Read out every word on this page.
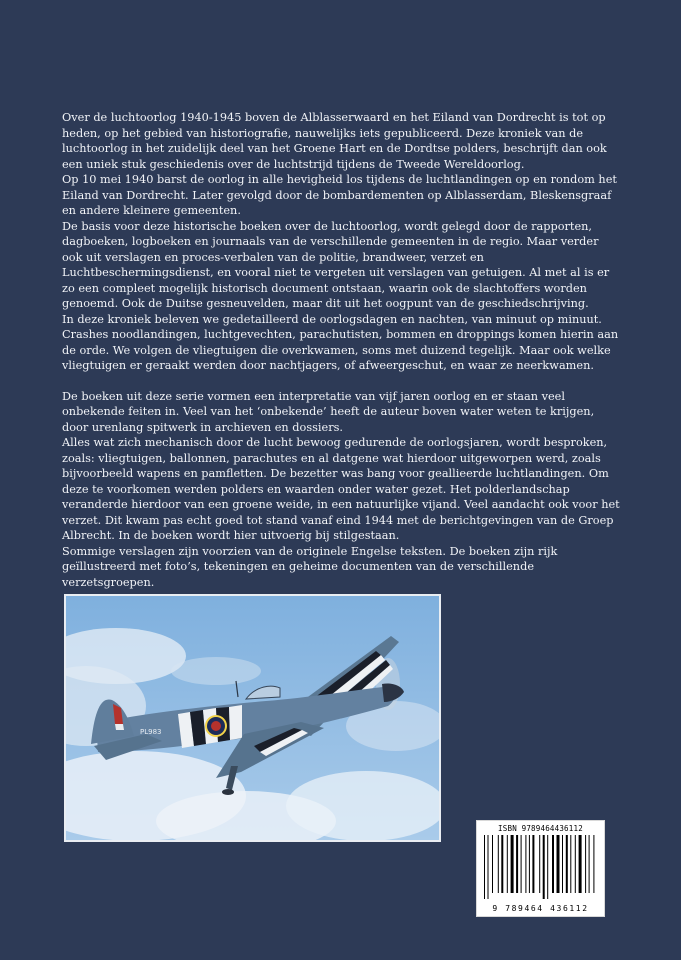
Over de luchtoorlog 1940-1945 boven de Alblasserwaard en het Eiland van Dordrecht is tot op heden, op het gebied van historiografie, nauwelijks iets gepubliceerd. Deze kroniek van de luchtoorlog in het zuidelijk deel van het Groene Hart en de Dordtse polders, beschrijft dan ook een uniek stuk geschiedenis over de luchtstrijd tijdens de Tweede Wereldoorlog.

Op 10 mei 1940 barst de oorlog in alle hevigheid los tijdens de luchtlandingen op en rondom het Eiland van Dordrecht. Later gevolgd door de bombardementen op Alblasserdam, Bleskensgraaf en andere kleinere gemeenten.

De basis voor deze historische boeken over de luchtoorlog, wordt gelegd door de rapporten, dagboeken, logboeken en journaals van de verschillende gemeenten in de regio. Maar verder ook uit verslagen en proces-verbalen van de politie, brandweer, verzet en Luchtbeschermingsdienst, en vooral niet te vergeten uit verslagen van getuigen. Al met al is er zo een compleet mogelijk historisch document ontstaan, waarin ook de slachtoffers worden genoemd. Ook de Duitse gesneuvelden, maar dit uit het oogpunt van de geschiedschrijving.

In deze kroniek beleven we gedetailleerd de oorlogsdagen en nachten, van minuut op minuut. Crashes noodlandingen, luchtgevechten, parachutisten, bommen en droppings komen hierin aan de orde. We volgen de vliegtuigen die overkwamen, soms met duizend tegelijk. Maar ook welke vliegtuigen er geraakt werden door nachtjagers, of afweergeschut, en waar ze neerkwamen.

De boeken uit deze serie vormen een interpretatie van vijf jaren oorlog en er staan veel onbekende feiten in. Veel van het ‘onbekende’ heeft de auteur boven water weten te krijgen, door urenlang spitwerk in archieven en dossiers.

Alles wat zich mechanisch door de lucht bewoog gedurende de oorlogsjaren, wordt besproken, zoals: vliegtuigen, ballonnen, parachutes en al datgene wat hierdoor uitgeworpen werd, zoals bijvoorbeeld wapens en pamfletten. De bezetter was bang voor geallieerde luchtlandingen. Om deze te voorkomen werden polders en waarden onder water gezet. Het polderlandschap veranderde hierdoor van een groene weide, in een natuurlijke vijand. Veel aandacht ook voor het verzet. Dit kwam pas echt goed tot stand vanaf eind 1944 met de berichtgevingen van de Groep Albrecht. In de boeken wordt hier uitvoerig bij stilgestaan.

Sommige verslagen zijn voorzien van de originele Engelse teksten. De boeken zijn rijk geïllustreerd met foto’s, tekeningen en geheime documenten van de verschillende verzetsgroepen.

PL983
ISBN 9789464436112
9 789464 436112
